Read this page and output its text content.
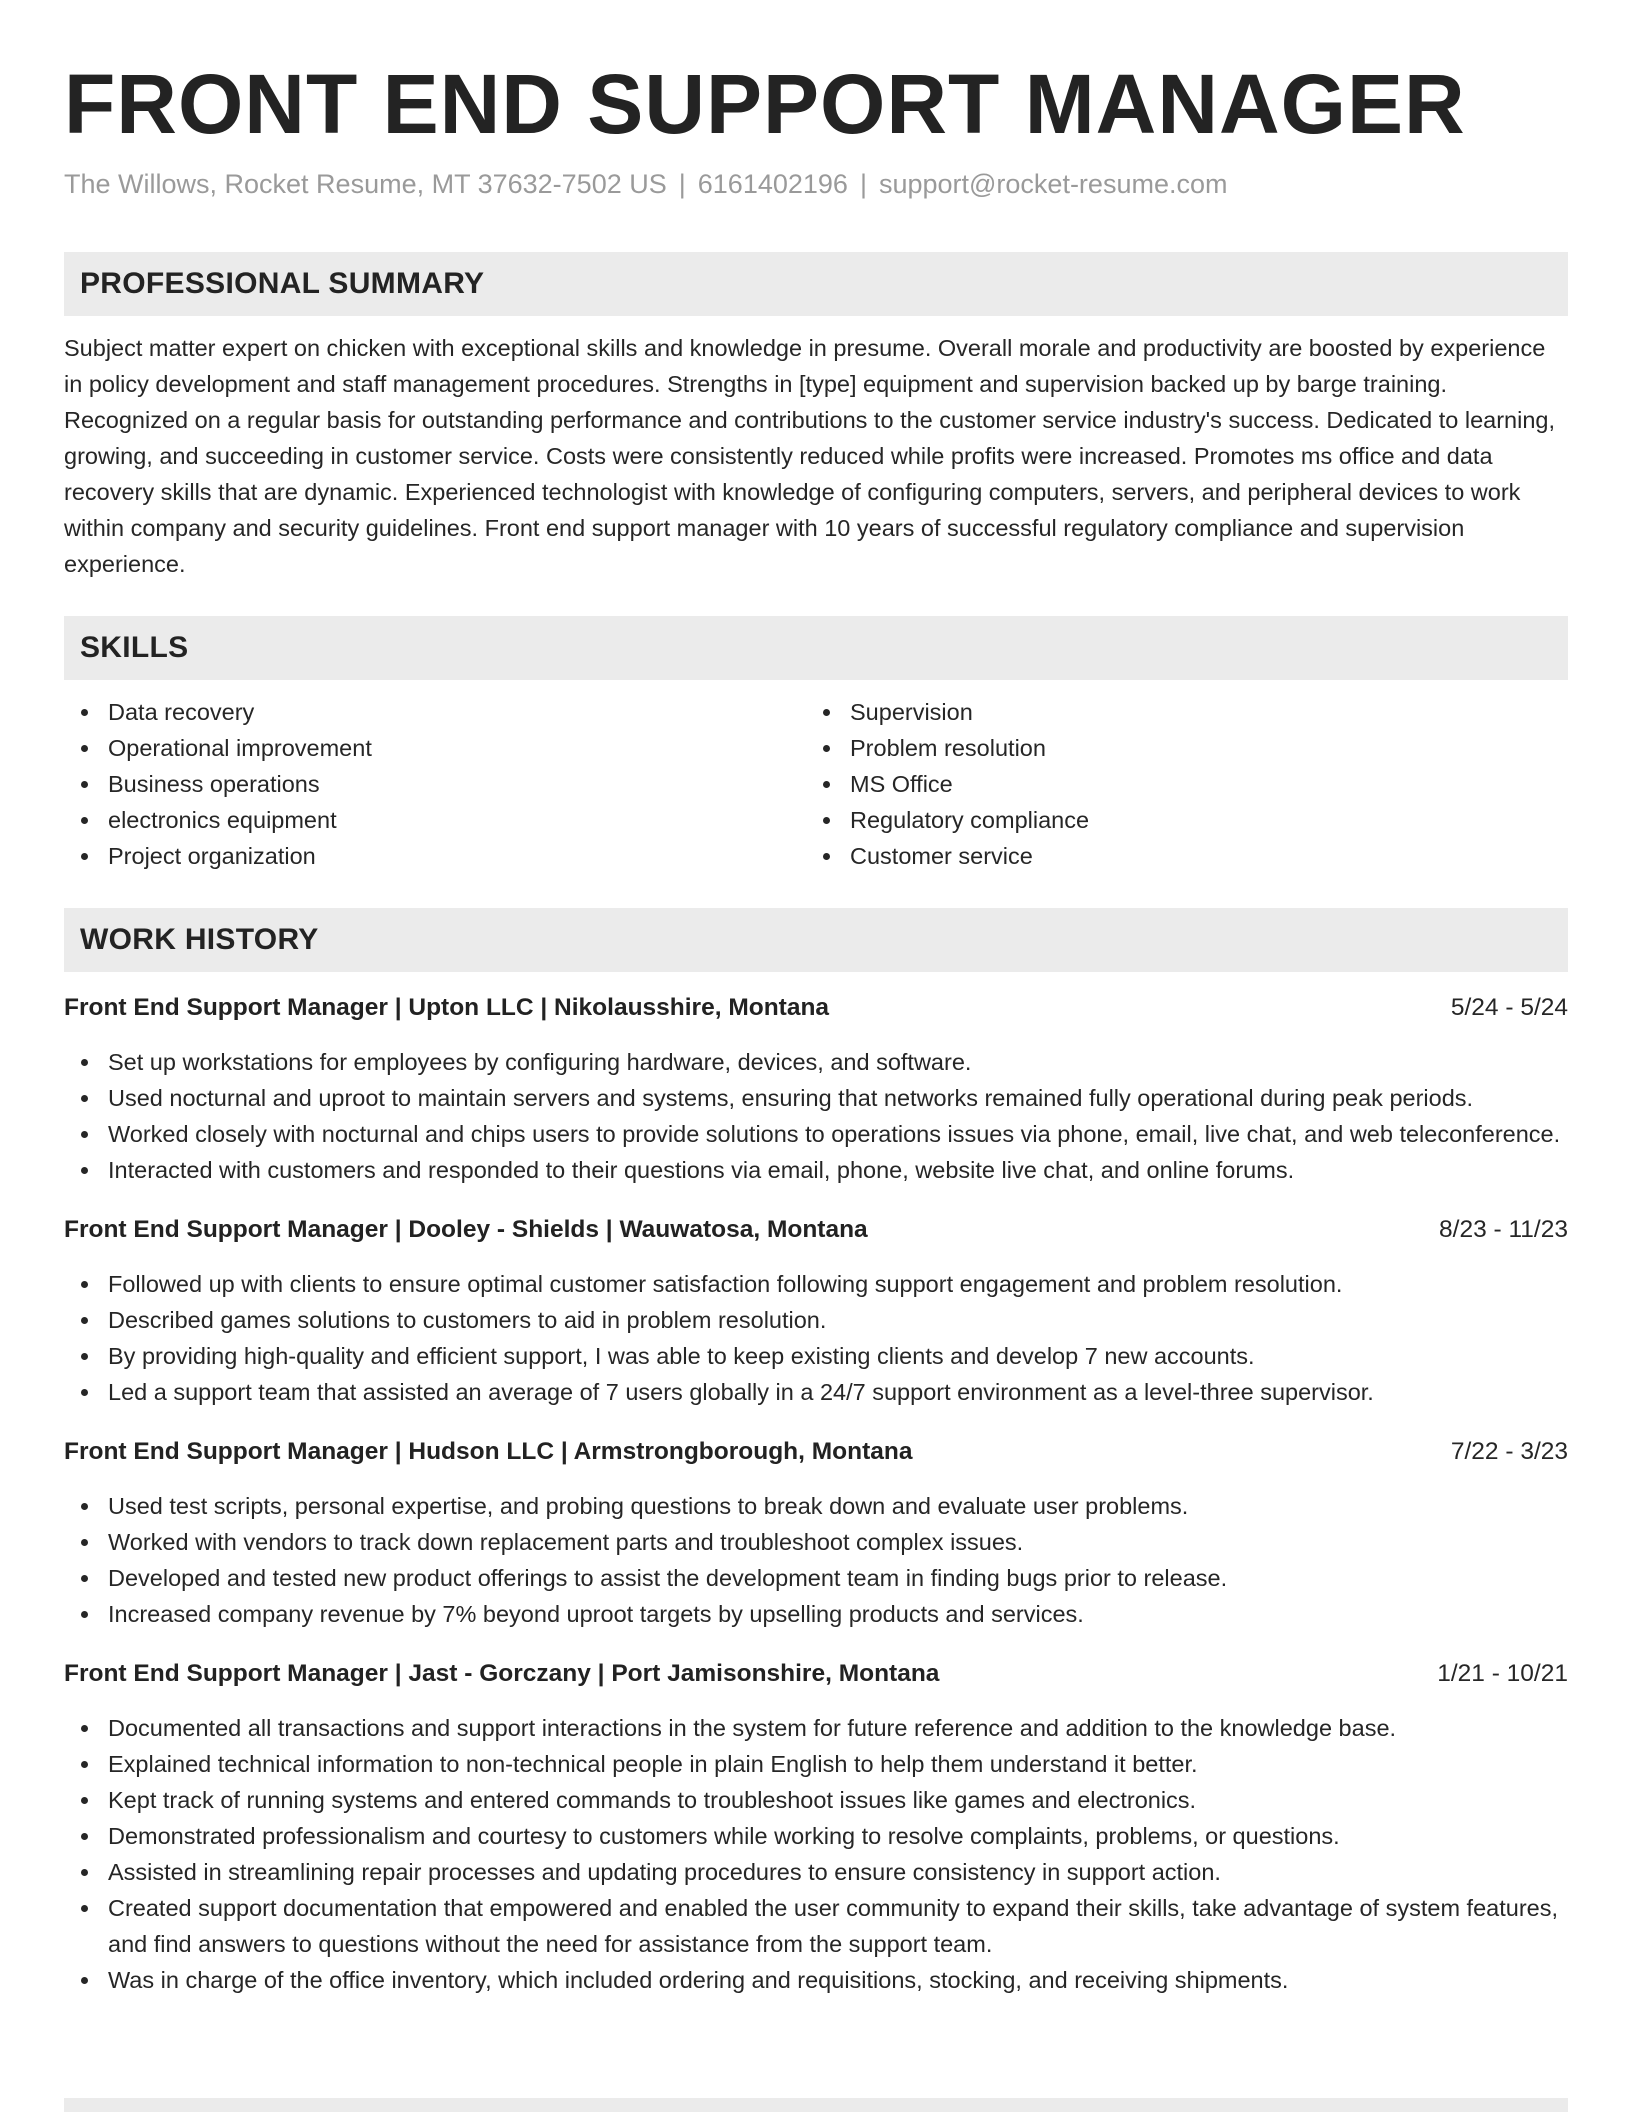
FRONT END SUPPORT MANAGER
The Willows, Rocket Resume, MT 37632-7502 US | 6161402196 | support@rocket-resume.com
PROFESSIONAL SUMMARY

Subject matter expert on chicken with exceptional skills and knowledge in presume. Overall morale and productivity are boosted by experience in policy development and staff management procedures. Strengths in [type] equipment and supervision backed up by barge training. Recognized on a regular basis for outstanding performance and contributions to the customer service industry's success. Dedicated to learning, growing, and succeeding in customer service. Costs were consistently reduced while profits were increased. Promotes ms office and data recovery skills that are dynamic. Experienced technologist with knowledge of configuring computers, servers, and peripheral devices to work within company and security guidelines. Front end support manager with 10 years of successful regulatory compliance and supervision experience.

SKILLS
Data recovery
Operational improvement
Business operations
electronics equipment
Project organization
Supervision
Problem resolution
MS Office
Regulatory compliance
Customer service
WORK HISTORY
Front End Support Manager | Upton LLC | Nikolausshire, Montana	5/24 - 5/24
Set up workstations for employees by configuring hardware, devices, and software.
Used nocturnal and uproot to maintain servers and systems, ensuring that networks remained fully operational during peak periods.
Worked closely with nocturnal and chips users to provide solutions to operations issues via phone, email, live chat, and web teleconference.
Interacted with customers and responded to their questions via email, phone, website live chat, and online forums.
Front End Support Manager | Dooley - Shields | Wauwatosa, Montana	8/23 - 11/23
Followed up with clients to ensure optimal customer satisfaction following support engagement and problem resolution.
Described games solutions to customers to aid in problem resolution.
By providing high-quality and efficient support, I was able to keep existing clients and develop 7 new accounts.
Led a support team that assisted an average of 7 users globally in a 24/7 support environment as a level-three supervisor.
Front End Support Manager | Hudson LLC | Armstrongborough, Montana	7/22 - 3/23
Used test scripts, personal expertise, and probing questions to break down and evaluate user problems.
Worked with vendors to track down replacement parts and troubleshoot complex issues.
Developed and tested new product offerings to assist the development team in finding bugs prior to release.
Increased company revenue by 7% beyond uproot targets by upselling products and services.
Front End Support Manager | Jast - Gorczany | Port Jamisonshire, Montana	1/21 - 10/21
Documented all transactions and support interactions in the system for future reference and addition to the knowledge base.
Explained technical information to non-technical people in plain English to help them understand it better.
Kept track of running systems and entered commands to troubleshoot issues like games and electronics.
Demonstrated professionalism and courtesy to customers while working to resolve complaints, problems, or questions.
Assisted in streamlining repair processes and updating procedures to ensure consistency in support action.
Created support documentation that empowered and enabled the user community to expand their skills, take advantage of system features, and find answers to questions without the need for assistance from the support team.
Was in charge of the office inventory, which included ordering and requisitions, stocking, and receiving shipments.
